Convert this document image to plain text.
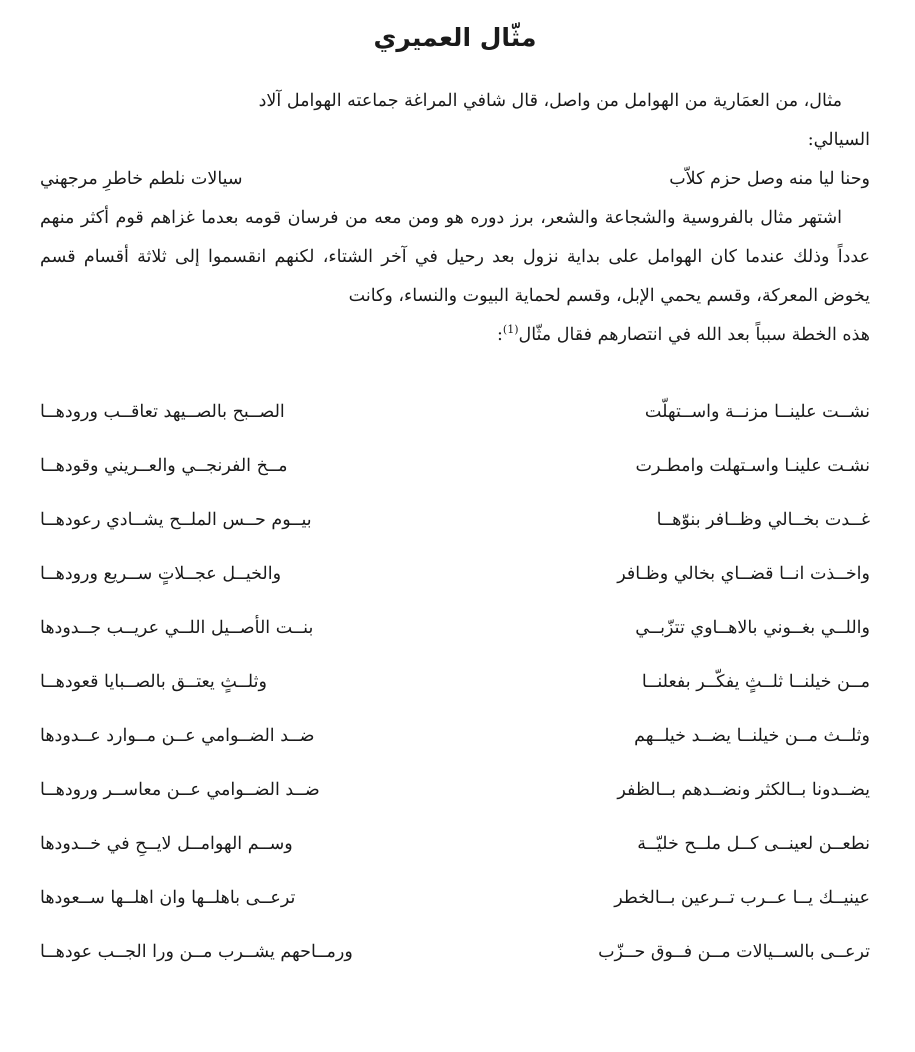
مثّال العميري

مثال، من العمَارية من الهوامل من واصل، قال شافي المراغة جماعته الهوامل آلاد

السيالي:

وحنا ليا منه وصل حزم كلاّب
سيالات نلطم خاطرِ مرجهني

اشتهر مثال بالفروسية والشجاعة والشعر، برز دوره هو ومن معه من فرسان قومه بعدما غزاهم قوم أكثر منهم عدداً وذلك عندما كان الهوامل على بداية نزول بعد رحيل في آخر الشتاء، لكنهم انقسموا إلى ثلاثة أقسام قسم يخوض المعركة، وقسم يحمي الإبل، وقسم لحماية البيوت والنساء، وكانت

هذه الخطة سبباً بعد الله في انتصارهم فقال مثّال$^{(1)}$:

نشــت علينــا مزنــة واســتهلّت
الصــبح بالصــيهد تعاقــب ورودهــا
نشـت علينـا واسـتهلت وامطـرت
مــخ الفرنجــي والعــريني وقودهــا
غــدت بخــالي وظــافر بنوّهــا
بيــوم حــس الملــح يشــادي رعودهــا
واخــذت انــا قضــاي بخالي وظـافر
والخيــل عجــلاتٍ ســريع ورودهــا
واللــي بغــوني بالاهــاوي تتزّبــي
بنــت الأصــيل اللــي عريــب جــدودها
مــن خيلنــا ثلــثٍ يفكّــر بفعلنــا
وثلــثٍ يعتــق بالصــبايا قعودهــا
وثلــث مــن خيلنــا يضــد خيلــهم
ضــد الضــوامي عــن مــوارد عــدودها
يضــدونا بــالكثر ونضــدهم بــالظفر
ضــد الضــوامي عــن معاســر ورودهــا
نطعــن لعينــى كــل ملــح خليّــة
وســم الهوامــل لايــحِ في خــدودها
عينيــك يــا عــرب تــرعين بــالخطر
ترعــى باهلــها وان اهلــها ســعودها
ترعــى بالســيالات مــن فــوق حــزّب
ورمــاحهم يشــرب مــن ورا الجــب عودهــا
